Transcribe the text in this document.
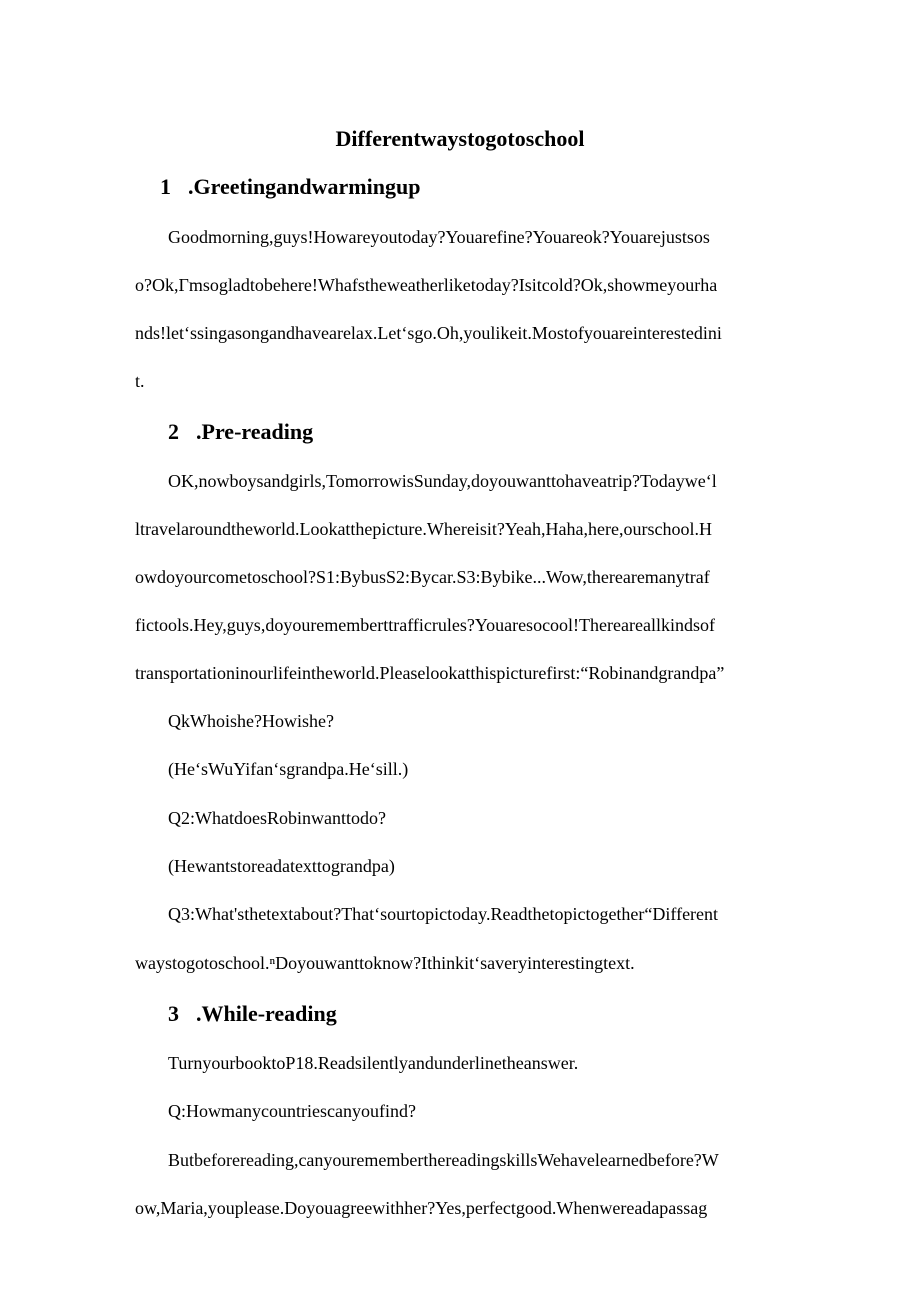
Differentwaystogotoschool
1 .Greetingandwarmingup

Goodmorning,guys!Howareyoutoday?Youarefine?Youareok?Youarejustsos

o?Ok,Γmsogladtobehere!Whafstheweatherliketoday?Isitcold?Ok,showmeyourha

nds!letʻssingasongandhavearelax.Letʻsgo.Oh,youlikeit.Mostofyouareinterestedini

t.

2 .Pre-reading

OK,nowboysandgirls,TomorrowisSunday,doyouwanttohaveatrip?Todayweʻl

ltravelaroundtheworld.Lookatthepicture.Whereisit?Yeah,Haha,here,ourschool.H

owdoyourcometoschool?S1:BybusS2:Bycar.S3:Bybike...Wow,therearemanytraf

fictools.Hey,guys,doyourememberttrafficrules?Youaresocool!Thereareallkindsof

transportationinourlifeintheworld.Pleaselookatthispicturefirst:“Robinandgrandpa”

QkWhoishe?Howishe?

(HeʻsWuYifanʻsgrandpa.Heʻsill.)

Q2:WhatdoesRobinwanttodo?

(Hewantstoreadatexttograndpa)

Q3:What'sthetextabout?Thatʻsourtopictoday.Readthetopictogether“Different

waystogotoschool.ⁿDoyouwanttoknow?Ithinkitʻsaveryinterestingtext.

3 .While-reading

TurnyourbooktoP18.Readsilentlyandunderlinetheanswer.

Q:Howmanycountriescanyoufind?

Butbeforereading,canyourememberthereadingskillsWehavelearnedbefore?W

ow,Maria,youplease.Doyouagreewithher?Yes,perfectgood.Whenwereadapassag
